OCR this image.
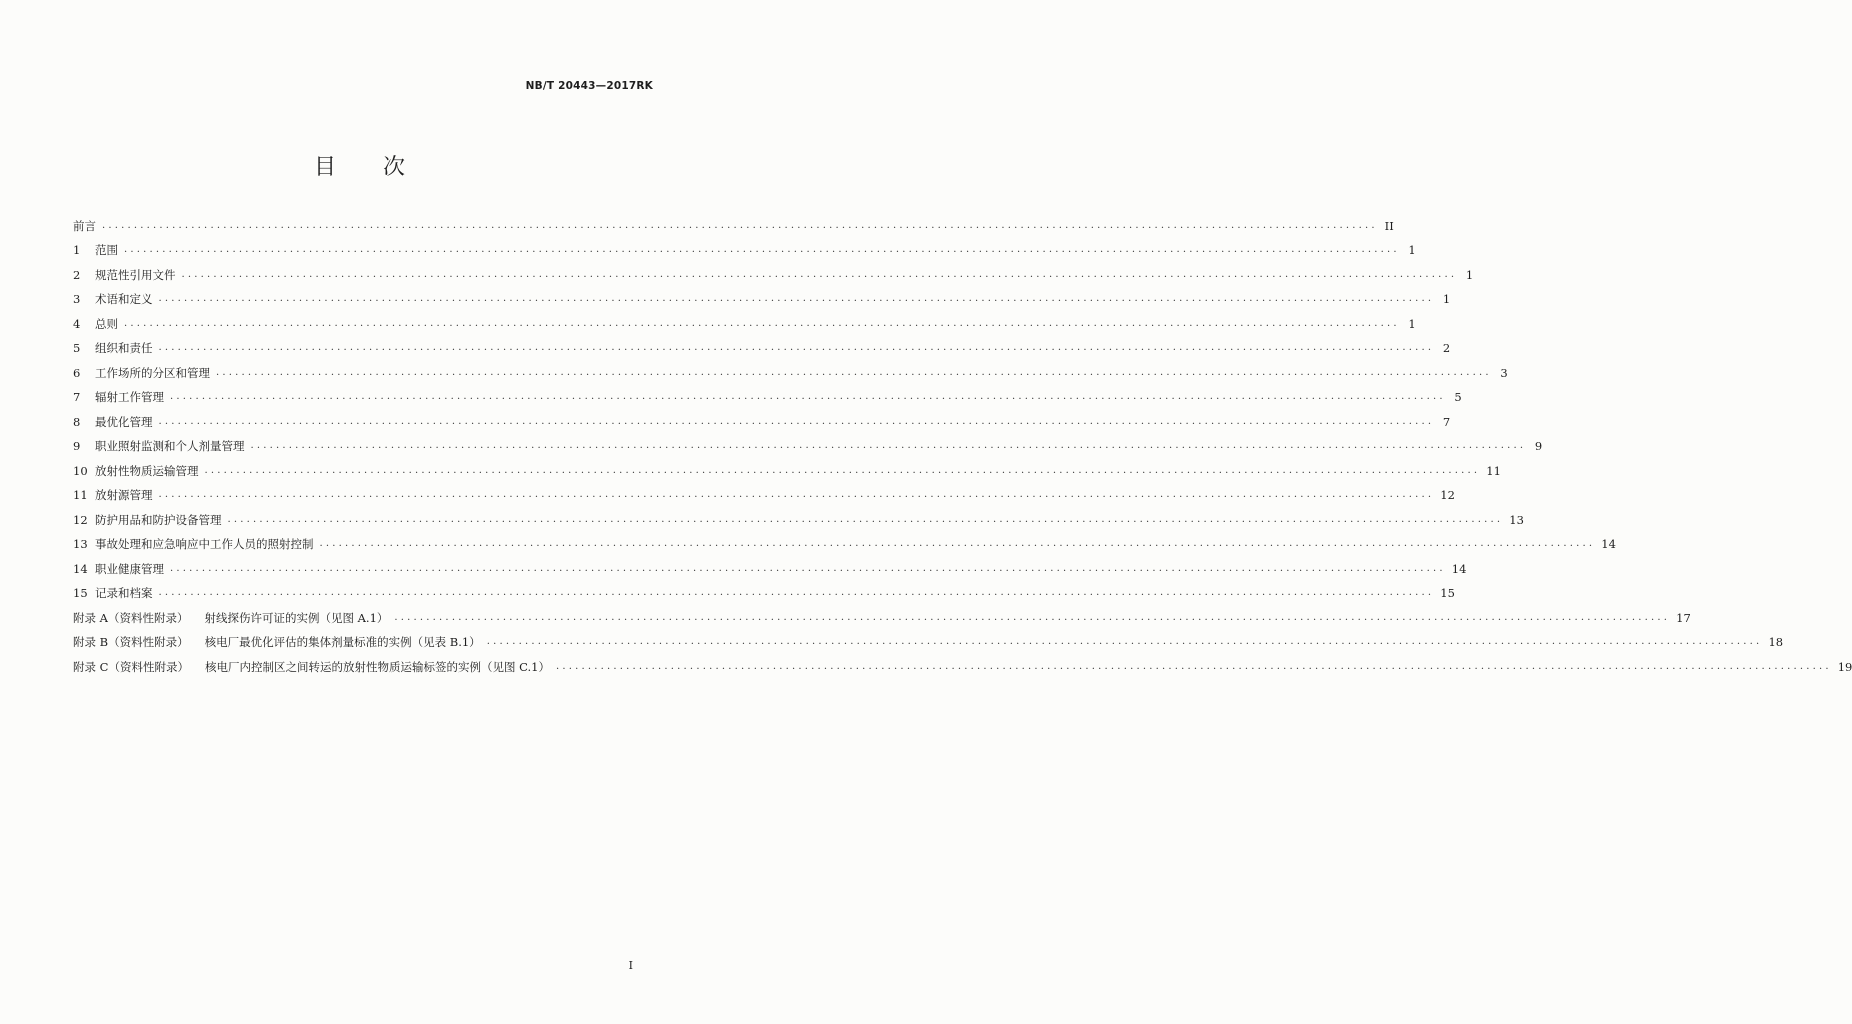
NB/T 20443—2017RK
目 次
前言 ........................................................................................................................................................................................................ II
1 范围 ........................................................................................................................................................................................................ 1
2 规范性引用文件 ........................................................................................................................................................................................................ 1
3 术语和定义 ........................................................................................................................................................................................................ 1
4 总则 ........................................................................................................................................................................................................ 1
5 组织和责任 ........................................................................................................................................................................................................ 2
6 工作场所的分区和管理 ........................................................................................................................................................................................................ 3
7 辐射工作管理 ........................................................................................................................................................................................................ 5
8 最优化管理 ........................................................................................................................................................................................................ 7
9 职业照射监测和个人剂量管理 ........................................................................................................................................................................................................ 9
10 放射性物质运输管理 ........................................................................................................................................................................................................ 11
11 放射源管理 ........................................................................................................................................................................................................ 12
12 防护用品和防护设备管理 ........................................................................................................................................................................................................ 13
13 事故处理和应急响应中工作人员的照射控制 ........................................................................................................................................................................................................ 14
14 职业健康管理 ........................................................................................................................................................................................................ 14
15 记录和档案 ........................................................................................................................................................................................................ 15
附录 A（资料性附录） 射线探伤许可证的实例（见图 A.1） ........................................................................................................................................................................................................ 17
附录 B（资料性附录） 核电厂最优化评估的集体剂量标准的实例（见表 B.1） ........................................................................................................................................................................................................ 18
附录 C（资料性附录） 核电厂内控制区之间转运的放射性物质运输标签的实例（见图 C.1） ........................................................................................................................................................................................................ 19
I
